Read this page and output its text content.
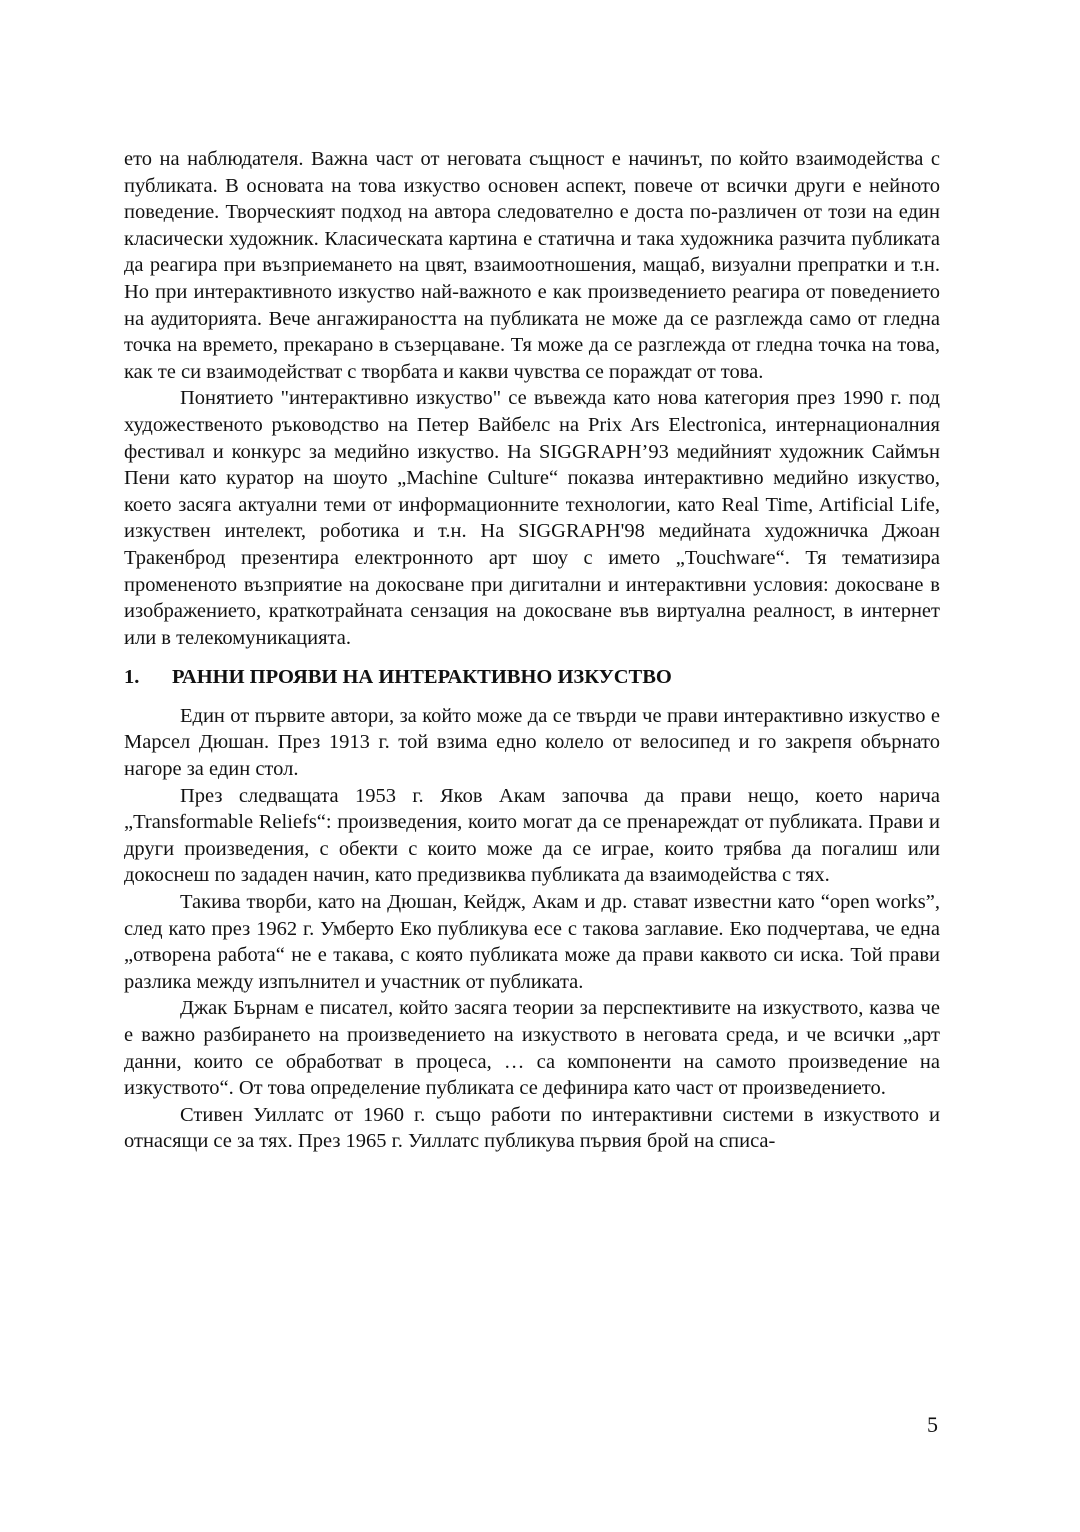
ето на наблюдателя. Важна част от неговата същност е начинът, по който взаимодейства с публиката. В основата на това изкуство основен аспект, повече от всички други е нейното поведение. Творческият подход на автора следователно е доста по-различен от този на един класически художник. Класическата картина е статична и така художника разчита публиката да реагира при възприемането на цвят, взаимоотношения, мащаб, визуални препратки и т.н. Но при интерактивното изкуство най-важното е как произведението реагира от поведението на аудиторията. Вече ангажираността на публиката не може да се разглежда само от гледна точка на времето, прекарано в съзерцаване. Тя може да се разглежда от гледна точка на това, как те си взаимодействат с творбата и какви чувства се пораждат от това.

Понятието "интерактивно изкуство" се въвежда като нова категория през 1990 г. под художественото ръководство на Петер Вайбелс на Prix Ars Electronica, интернационалния фестивал и конкурс за медийно изкуство. На SIGGRAPH’93 медийният художник Саймън Пени като куратор на шоуто „Machine Culture“ показва интерактивно медийно изкуство, което засяга актуални теми от информационните технологии, като Real Time, Artificial Life, изкуствен интелект, роботика и т.н. На SIGGRAPH'98 медийната художничка Джоан Тракенброд презентира електронното арт шоу с името „Touchware“. Тя тематизира промененото възприятие на докосване при дигитални и интерактивни условия: докосване в изображението, краткотрайната сензация на докосване във виртуална реалност, в интернет или в телекомуникацията.

1.	РАННИ ПРОЯВИ НА ИНТЕРАКТИВНО ИЗКУСТВО

Един от първите автори, за който може да се твърди че прави интерактивно изкуство е Марсел Дюшан. През 1913 г. той взима едно колело от велосипед и го закрепя обърнато нагоре за един стол.

През следващата 1953 г. Яков Акам започва да прави нещо, което нарича „Transformable Reliefs“: произведения, които могат да се пренареждат от публиката. Прави и други произведения, с обекти с които може да се играе, които трябва да погалиш или докоснеш по зададен начин, като предизвиква публиката да взаимодейства с тях.

Такива творби, като на Дюшан, Кейдж, Акам и др. стават известни като “open works”, след като през 1962 г. Умберто Еко публикува есе с такова заглавие. Еко подчертава, че една „отворена работа“ не е такава, с която публиката може да прави каквото си иска. Той прави разлика между изпълнител и участник от публиката.

Джак Бърнам е писател, който засяга теории за перспективите на изкуството, казва че е важно разбирането на произведението на изкуството в неговата среда, и че всички „арт данни, които се обработват в процеса, … са компоненти на самото произведение на изкуството“. От това определение публиката се дефинира като част от произведението.

Стивен Уиллатс от 1960 г. също работи по интерактивни системи в изкуството и отнасящи се за тях. През 1965 г. Уиллатс публикува първия брой на списа-

5
